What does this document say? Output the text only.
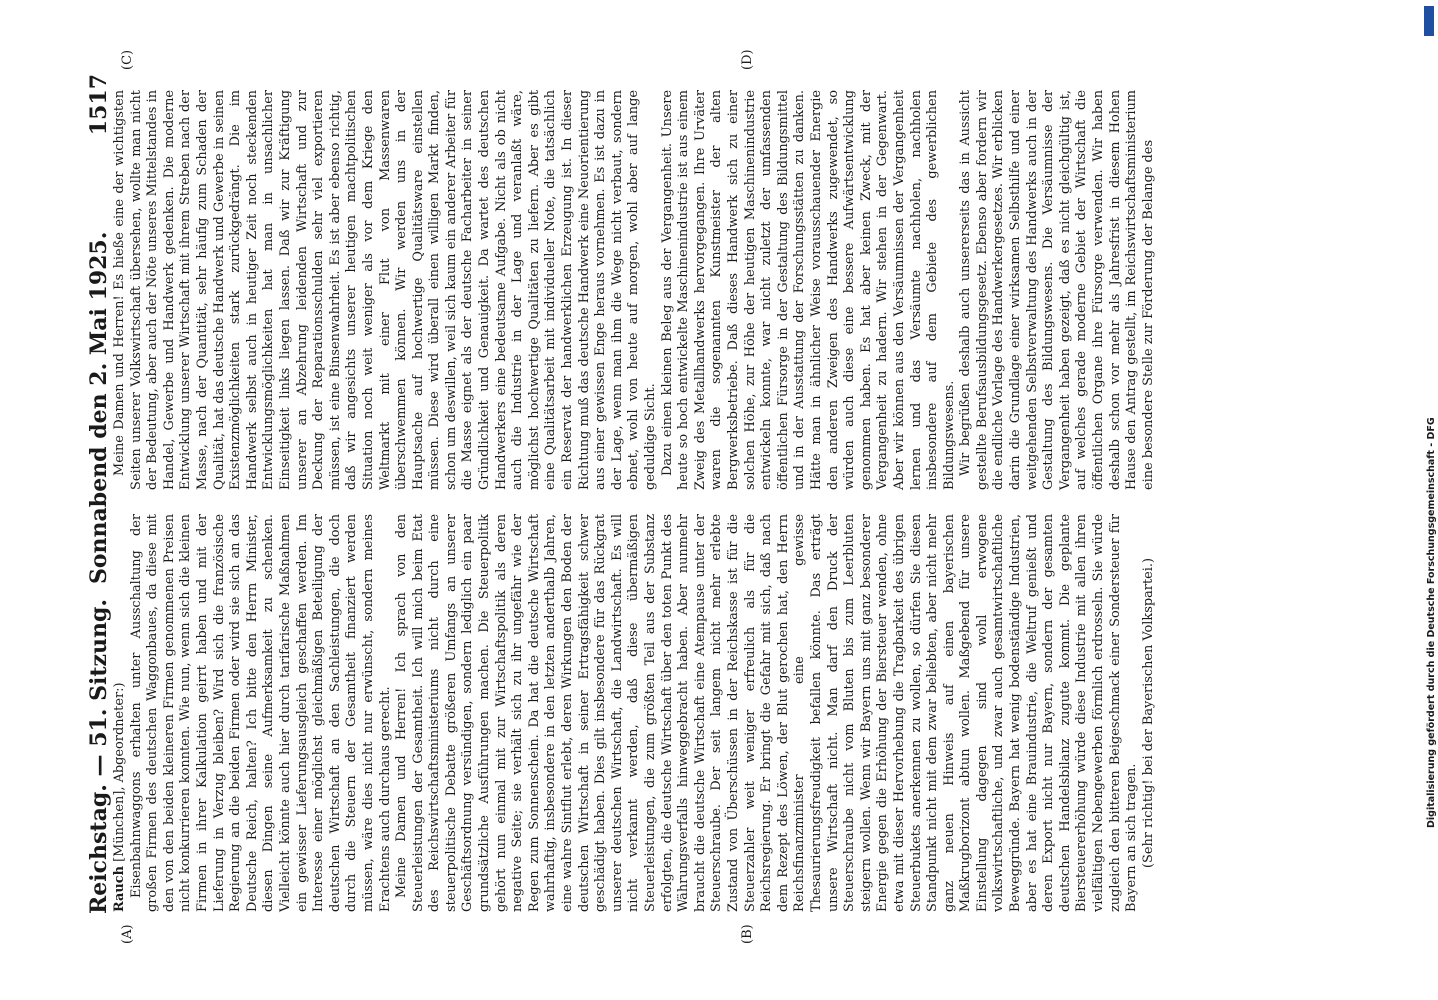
Reichstag. — 51. Sitzung.
Sonnabend den 2. Mai 1925.
1517
(A)	(B)
(C)	(D)

Rauch [München], Abgeordneter:) Eisenbahnwaggons erhalten unter Ausschaltung der großen Firmen des deutschen Waggonbaues, da diese mit den von den beiden kleineren Firmen genommenen Preisen nicht konkurrieren konnten. Wie nun, wenn sich die kleinen Firmen in ihrer Kalkulation geirrt haben und mit der Lieferung in Verzug bleiben? Wird sich die französische Regierung an die beiden Firmen oder wird sie sich an das Deutsche Reich, halten? Ich bitte den Herrn Minister, diesen Dingen seine Aufmerksamkeit zu schenken. Vielleicht könnte auch hier durch tarifarische Maßnahmen ein gewisser Lieferungsausgleich geschaffen werden. Im Interesse einer möglichst gleichmäßigen Beteiligung der deutschen Wirtschaft an den Sachleistungen, die doch durch die Steuern der Gesamtheit finanziert werden müssen, wäre dies nicht nur erwünscht, sondern meines Erachtens auch durchaus gerecht. Meine Damen und Herren! Ich sprach von den Steuerleistungen der Gesamtheit. Ich will mich beim Etat des Reichswirtschaftsministeriums nicht durch eine steuerpolitische Debatte größeren Umfangs an unserer Geschäftsordnung versündigen, sondern lediglich ein paar grundsätzliche Ausführungen machen. Die Steuerpolitik gehört nun einmal mit zur Wirtschaftspolitik als deren negative Seite; sie verhält sich zu ihr ungefähr wie der Regen zum Sonnenschein. Da hat die deutsche Wirtschaft wahrhaftig, insbesondere in den letzten anderthalb Jahren, eine wahre Sintflut erlebt, deren Wirkungen den Boden der deutschen Wirtschaft in seiner Ertragsfähigkeit schwer geschädigt haben. Dies gilt insbesondere für das Rückgrat unserer deutschen Wirtschaft, die Landwirtschaft. Es will nicht verkannt werden, daß diese übermäßigen Steuerleistungen, die zum größten Teil aus der Substanz erfolgten, die deutsche Wirtschaft über den toten Punkt des Währungsverfalls hinweggebracht haben. Aber nunmehr braucht die deutsche Wirtschaft eine Atempause unter der Steuerschraube. Der seit langem nicht mehr erlebte Zustand von Überschüssen in der Reichskasse ist für die Steuerzahler weit weniger erfreulich als für die Reichsregierung. Er bringt die Gefahr mit sich, daß nach dem Rezept des Löwen, der Blut gerochen hat, den Herrn Reichsfinanzminister eine gewisse Thesaurierungsfreudigkeit befallen könnte. Das erträgt unsere Wirtschaft nicht. Man darf den Druck der Steuerschraube nicht vom Bluten bis zum Leerbluten steigern wollen. Wenn wir Bayern uns mit ganz besonderer Energie gegen die Erhöhung der Biersteuer wenden, ohne etwa mit dieser Hervorhebung die Tragbarkeit des übrigen Steuerbukets anerkennen zu wollen, so dürfen Sie diesen Standpunkt nicht mit dem zwar beliebten, aber nicht mehr ganz neuen Hinweis auf einen bayerischen Maßkrugborizont abtun wollen. Maßgebend für unsere Einstellung dagegen sind wohl erwogene volkswirtschaftliche, und zwar auch gesamtwirtschaftliche Beweggründe. Bayern hat wenig bodenständige Industrien, aber es hat eine Brauindustrie, die Weltruf genießt und deren Export nicht nur Bayern, sondern der gesamten deutschen Handelsbilanz zugute kommt. Die geplante Biersteuererhöhung würde diese Industrie mit allen ihren vielfältigen Nebengewerben förmlich erdrosseln. Sie würde zugleich den bitteren Beigeschmack einer Sondersteuer für Bayern an sich tragen. (Sehr richtig! bei der Bayerischen Volkspartei.)

Meine Damen und Herren! Es hieße eine der wichtigsten Seiten unserer Volkswirtschaft übersehen, wollte man nicht der Bedeutung, aber auch der Nöte unseres Mittelstandes in Handel, Gewerbe und Handwerk gedenken. Die moderne Entwicklung unserer Wirtschaft mit ihrem Streben nach der Masse, nach der Quantität, sehr häufig zum Schaden der Qualität, hat das deutsche Handwerk und Gewerbe in seinen Existenzmöglichkeiten stark zurückgedrängt. Die im Handwerk selbst auch in heutiger Zeit noch steckenden Entwicklungsmöglichkeiten hat man in unsachlicher Einseitigkeit links liegen lassen. Daß wir zur Kräftigung unserer an Abzehrung leidenden Wirtschaft und zur Deckung der Reparationsschulden sehr viel exportieren müssen, ist eine Binsenwahrheit. Es ist aber ebenso richtig, daß wir angesichts unserer heutigen machtpolitischen Situation noch weit weniger als vor dem Kriege den Weltmarkt mit einer Flut von Massenwaren überschwemmen können. Wir werden uns in der Hauptsache auf hochwertige Qualitätsware einstellen müssen. Diese wird überall einen willigen Markt finden, schon um deswillen, weil sich kaum ein anderer Arbeiter für die Masse eignet als der deutsche Facharbeiter in seiner Gründlichkeit und Genauigkeit. Da wartet des deutschen Handwerkers eine bedeutsame Aufgabe. Nicht als ob nicht auch die Industrie in der Lage und veranlaßt wäre, möglichst hochwertige Qualitäten zu liefern. Aber es gibt eine Qualitätsarbeit mit individueller Note, die tatsächlich ein Reservat der handwerklichen Erzeugung ist. In dieser Richtung muß das deutsche Handwerk eine Neuorientierung aus einer gewissen Enge heraus vornehmen. Es ist dazu in der Lage, wenn man ihm die Wege nicht verbaut, sondern ebnet, wohl von heute auf morgen, wohl aber auf lange geduldige Sicht. Dazu einen kleinen Beleg aus der Vergangenheit. Unsere heute so hoch entwickelte Maschinenindustrie ist aus einem Zweig des Metallhandwerks hervorgegangen. Ihre Urväter waren die sogenannten Kunstmeister der alten Bergwerksbetriebe. Daß dieses Handwerk sich zu einer solchen Höhe, zur Höhe der heutigen Maschinenindustrie entwickeln konnte, war nicht zuletzt der umfassenden öffentlichen Fürsorge in der Gestaltung des Bildungsmittel und in der Ausstattung der Forschungsstätten zu danken. Hätte man in ähnlicher Weise vorausschauender Energie den anderen Zweigen des Handwerks zugewendet, so würden auch diese eine bessere Aufwärtsentwicklung genommen haben. Es hat aber keinen Zweck, mit der Vergangenheit zu hadern. Wir stehen in der Gegenwart. Aber wir können aus den Versäumnissen der Vergangenheit lernen und das Versäumte nachholen, nachholen insbesondere auf dem Gebiete des gewerblichen Bildungswesens. Wir begrüßen deshalb auch unsererseits das in Aussicht gestellte Berufsausbildungsgesetz. Ebenso aber fordern wir die endliche Vorlage des Handwerkergesetzes. Wir erblicken darin die Grundlage einer wirksamen Selbsthilfe und einer weitgehenden Selbstverwaltung des Handwerks auch in der Gestaltung des Bildungswesens. Die Versäumnisse der Vergangenheit haben gezeigt, daß es nicht gleichgültig ist, auf welches gerade moderne Gebiet der Wirtschaft die öffentlichen Organe ihre Fürsorge verwenden. Wir haben deshalb schon vor mehr als Jahresfrist in diesem Hohen Hause den Antrag gestellt, im Reichswirtschaftsministerium eine besondere Stelle zur Förderung der Belange des

Digitalisierung gefördert durch die Deutsche Forschungsgemeinschaft - DFG
